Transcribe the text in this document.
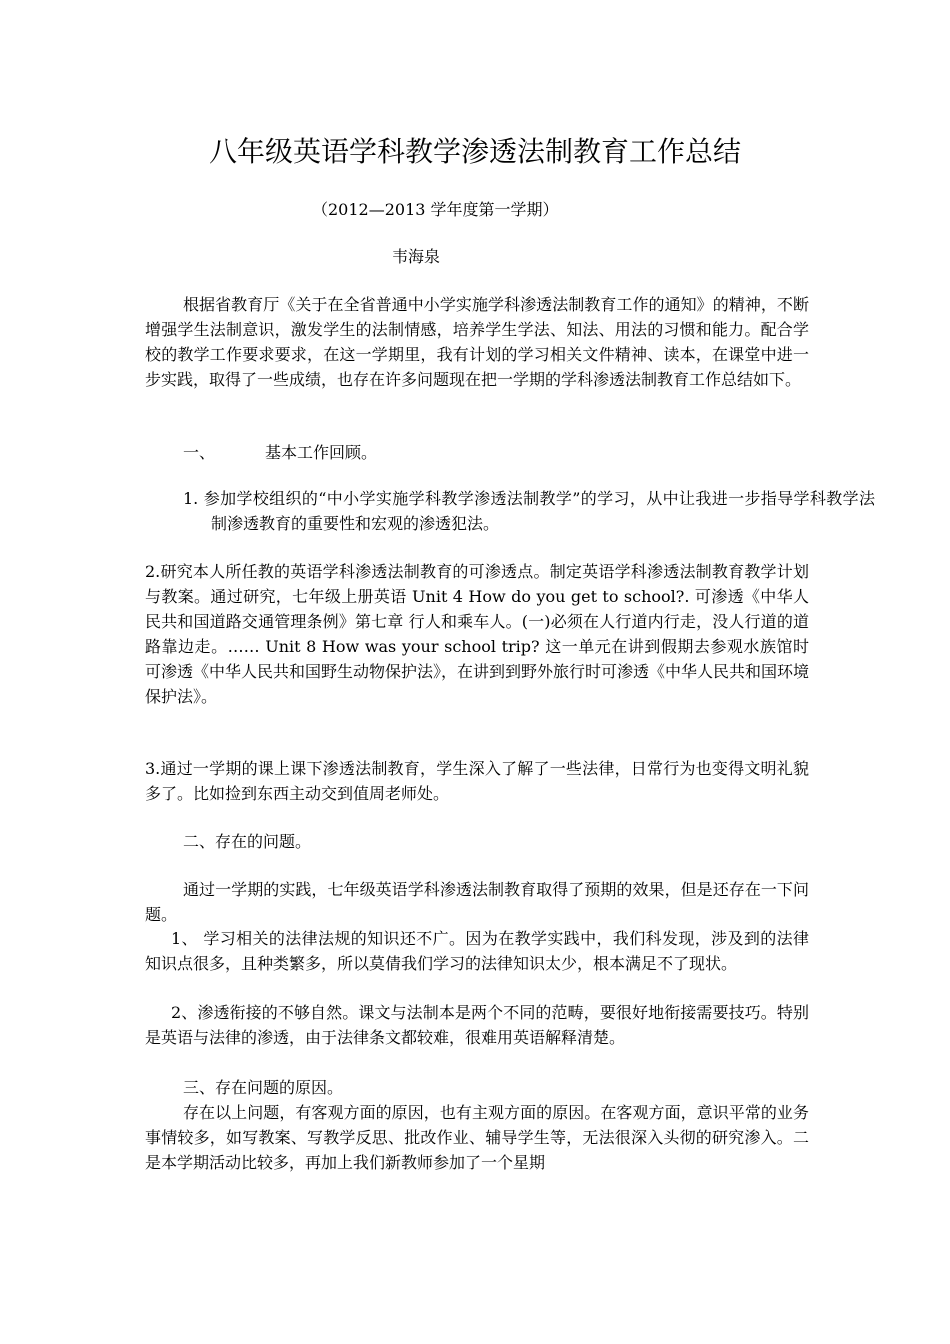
八年级英语学科教学渗透法制教育工作总结
（2012—2013 学年度第一学期）
韦海泉

根据省教育厅《关于在全省普通中小学实施学科渗透法制教育工作的通知》的精神，不断增强学生法制意识，激发学生的法制情感，培养学生学法、知法、用法的习惯和能力。配合学校的教学工作要求要求，在这一学期里，我有计划的学习相关文件精神、读本，在课堂中进一步实践，取得了一些成绩，也存在许多问题现在把一学期的学科渗透法制教育工作总结如下。

一、	基本工作回顾。

1. 参加学校组织的“中小学实施学科教学渗透法制教学”的学习，从中让我进一步指导学科教学法制渗透教育的重要性和宏观的渗透犯法。

2.研究本人所任教的英语学科渗透法制教育的可渗透点。制定英语学科渗透法制教育教学计划与教案。通过研究，七年级上册英语 Unit 4 How do you get to school?. 可渗透《中华人民共和国道路交通管理条例》第七章 行人和乘车人。(一)必须在人行道内行走，没人行道的道路靠边走。…… Unit 8 How was your school trip? 这一单元在讲到假期去参观水族馆时可渗透《中华人民共和国野生动物保护法》，在讲到到野外旅行时可渗透《中华人民共和国环境保护法》。

3.通过一学期的课上课下渗透法制教育，学生深入了解了一些法律，日常行为也变得文明礼貌多了。比如捡到东西主动交到值周老师处。

二、存在的问题。

通过一学期的实践，七年级英语学科渗透法制教育取得了预期的效果，但是还存在一下问题。

1、 学习相关的法律法规的知识还不广。因为在教学实践中，我们科发现，涉及到的法律知识点很多，且种类繁多，所以莫倩我们学习的法律知识太少，根本满足不了现状。

2、渗透衔接的不够自然。课文与法制本是两个不同的范畴，要很好地衔接需要技巧。特别是英语与法律的渗透，由于法律条文都较难，很难用英语解释清楚。

三、存在问题的原因。

存在以上问题，有客观方面的原因，也有主观方面的原因。在客观方面，意识平常的业务事情较多，如写教案、写教学反思、批改作业、辅导学生等，无法很深入头彻的研究渗入。二是本学期活动比较多，再加上我们新教师参加了一个星期
